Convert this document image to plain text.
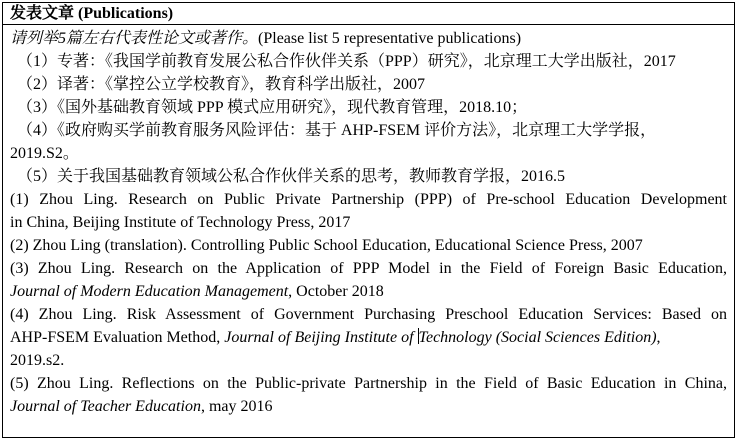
发表文章 (Publications)
请列举5篇左右代表性论文或著作。(Please list 5 representative publications)
（1）专著：《我国学前教育发展公私合作伙伴关系（PPP）研究》，北京理工大学出版社，2017
（2）译著：《掌控公立学校教育》，教育科学出版社，2007
（3）《国外基础教育领域 PPP 模式应用研究》，现代教育管理，2018.10；
（4）《政府购买学前教育服务风险评估：基于 AHP-FSEM 评价方法》，北京理工大学学报，
2019.S2。
（5）关于我国基础教育领域公私合作伙伴关系的思考，教师教育学报，2016.5
(1) Zhou Ling. Research on Public Private Partnership (PPP) of Pre-school Education Development
in China, Beijing Institute of Technology Press, 2017
(2) Zhou Ling (translation). Controlling Public School Education, Educational Science Press, 2007
(3) Zhou Ling. Research on the Application of PPP Model in the Field of Foreign Basic Education,
Journal of Modern Education Management, October 2018
(4) Zhou Ling. Risk Assessment of Government Purchasing Preschool Education Services: Based on
AHP-FSEM Evaluation Method, Journal of Beijing Institute of Technology (Social Sciences Edition),
2019.s2.
(5) Zhou Ling. Reflections on the Public-private Partnership in the Field of Basic Education in China,
Journal of Teacher Education, may 2016
